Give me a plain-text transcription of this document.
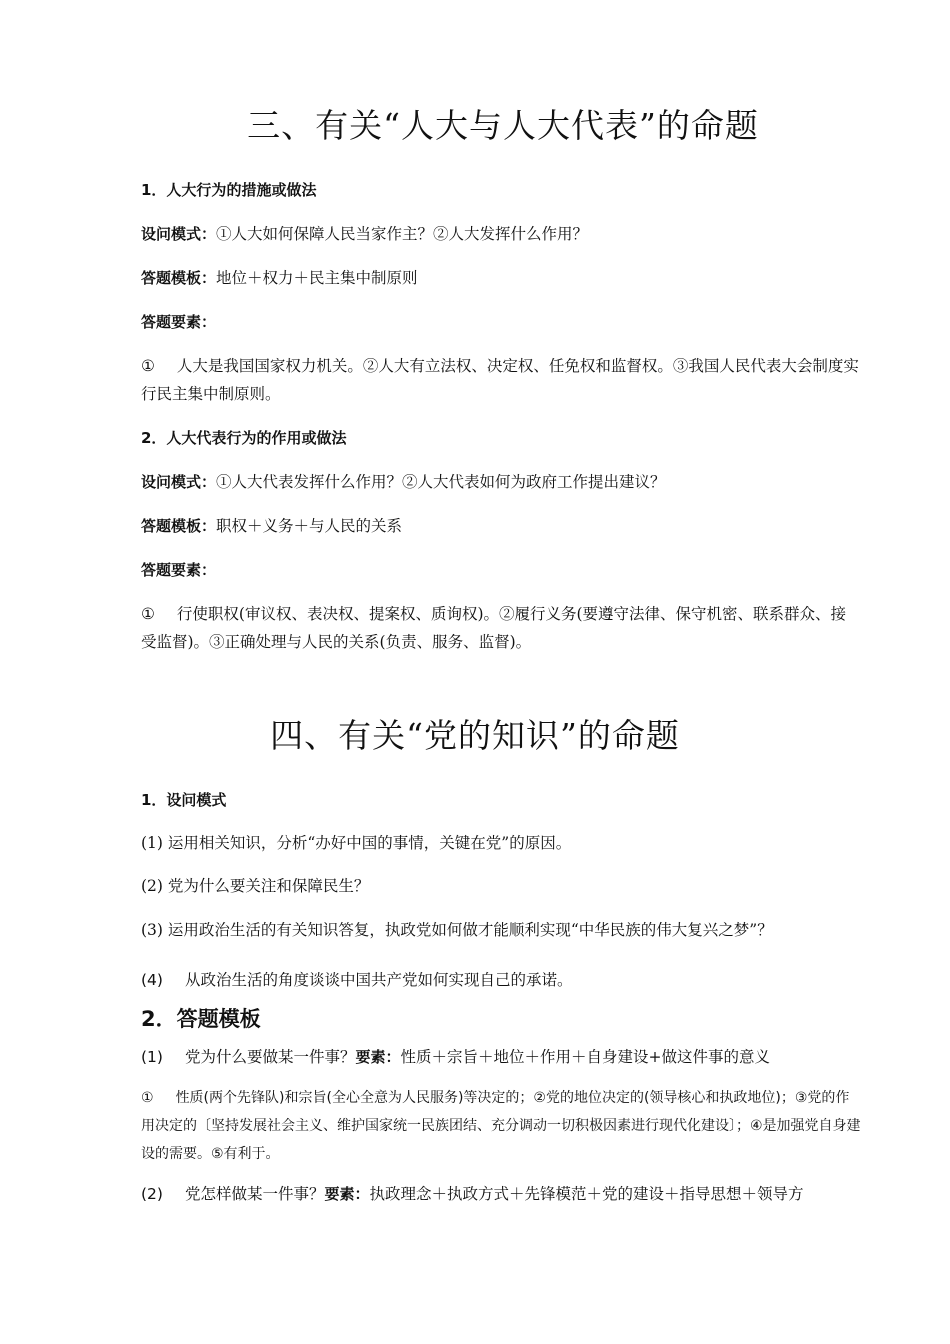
三、有关“人大与人大代表”的命题
1．人大行为的措施或做法
设问模式：①人大如何保障人民当家作主？②人大发挥什么作用？
答题模板：地位＋权力＋民主集中制原则
答题要素：
① 人大是我国国家权力机关。②人大有立法权、决定权、任免权和监督权。③我国人民代表大会制度实行民主集中制原则。
2．人大代表行为的作用或做法
设问模式：①人大代表发挥什么作用？②人大代表如何为政府工作提出建议？
答题模板：职权＋义务＋与人民的关系
答题要素：
① 行使职权(审议权、表决权、提案权、质询权)。②履行义务(要遵守法律、保守机密、联系群众、接受监督)。③正确处理与人民的关系(负责、服务、监督)。
四、有关“党的知识”的命题
1．设问模式
(1) 运用相关知识，分析“办好中国的事情，关键在党”的原因。
(2) 党为什么要关注和保障民生？
(3) 运用政治生活的有关知识答复，执政党如何做才能顺利实现“中华民族的伟大复兴之梦”？
(4) 从政治生活的角度谈谈中国共产党如何实现自己的承诺。
2．答题模板
(1) 党为什么要做某一件事？要素：性质＋宗旨＋地位＋作用＋自身建设+做这件事的意义
① 性质(两个先锋队)和宗旨(全心全意为人民服务)等决定的；②党的地位决定的(领导核心和执政地位)；③党的作用决定的〔坚持发展社会主义、维护国家统一民族团结、充分调动一切积极因素进行现代化建设〕；④是加强党自身建设的需要。⑤有利于。
(2) 党怎样做某一件事？要素：执政理念＋执政方式＋先锋模范＋党的建设＋指导思想＋领导方
